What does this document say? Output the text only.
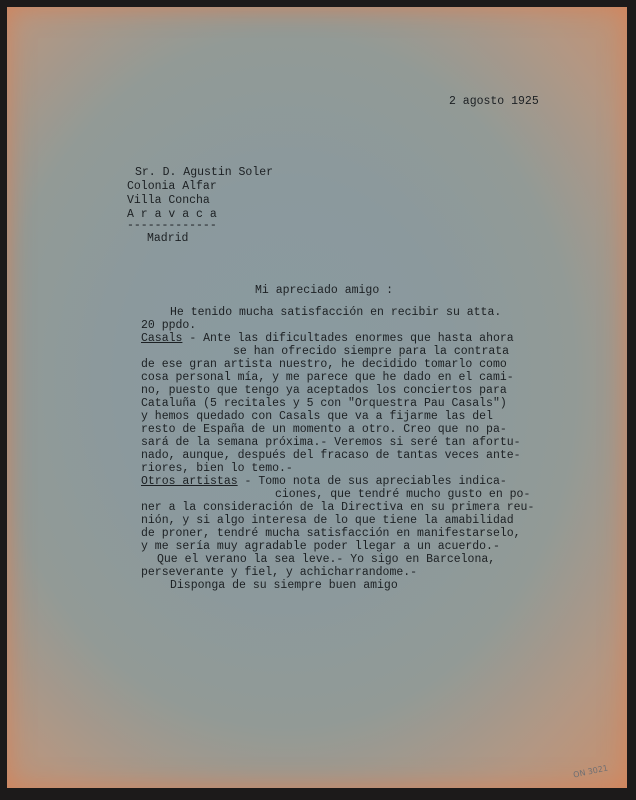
2 agosto 1925
Sr. D. Agustin Soler
Colonia Alfar
Villa Concha
A r a v a c a
-------------
Madrid
Mi apreciado amigo :
He tenido mucha satisfacción en recibir su atta.
20 ppdo.
Casals - Ante las dificultades enormes que hasta ahora
se han ofrecido siempre para la contrata
de ese gran artista nuestro, he decidido tomarlo como
cosa personal mía, y me parece que he dado en el cami-
no, puesto que tengo ya aceptados los conciertos para
Cataluña (5 recitales y 5 con "Orquestra Pau Casals")
y hemos quedado con Casals que va a fijarme las del
resto de España de un momento a otro. Creo que no pa-
sará de la semana próxima.- Veremos si seré tan afortu-
nado, aunque, después del fracaso de tantas veces ante-
riores, bien lo temo.-
Otros artistas - Tomo nota de sus apreciables indica-
ciones, que tendré mucho gusto en po-
ner a la consideración de la Directiva en su primera reu-
nión, y si algo interesa de lo que tiene la amabilidad
de proner, tendré mucha satisfacción en manifestarselo,
y me sería muy agradable poder llegar a un acuerdo.-
Que el verano la sea leve.- Yo sigo en Barcelona,
perseverante y fiel, y achicharrandome.-
Disponga de su siempre buen amigo
ON 3021
